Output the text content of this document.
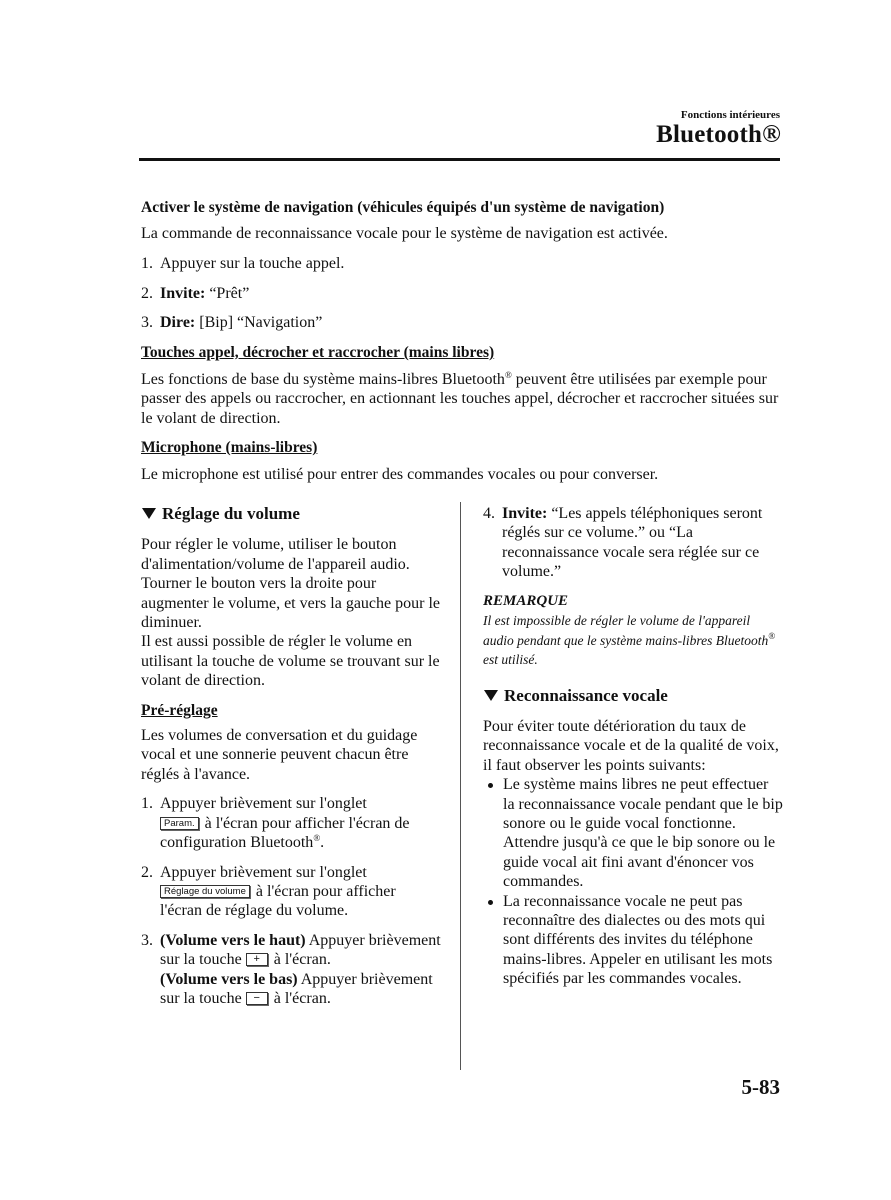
Fonctions intérieures
Bluetooth®

Activer le système de navigation (véhicules équipés d'un système de navigation)

La commande de reconnaissance vocale pour le système de navigation est activée.

1. Appuyer sur la touche appel.

2. Invite: “Prêt”

3. Dire: [Bip] “Navigation”

Touches appel, décrocher et raccrocher (mains libres)

Les fonctions de base du système mains-libres Bluetooth® peuvent être utilisées par exemple pour passer des appels ou raccrocher, en actionnant les touches appel, décrocher et raccrocher situées sur le volant de direction.

Microphone (mains-libres)

Le microphone est utilisé pour entrer des commandes vocales ou pour converser.

Réglage du volume

Pour régler le volume, utiliser le bouton d'alimentation/volume de l'appareil audio. Tourner le bouton vers la droite pour augmenter le volume, et vers la gauche pour le diminuer.

Il est aussi possible de régler le volume en utilisant la touche de volume se trouvant sur le volant de direction.

Pré-réglage

Les volumes de conversation et du guidage vocal et une sonnerie peuvent chacun être réglés à l'avance.

1. Appuyer brièvement sur l'onglet
Param. à l'écran pour afficher l'écran de configuration Bluetooth®.

2. Appuyer brièvement sur l'onglet
Réglage du volume à l'écran pour afficher l'écran de réglage du volume.

3. (Volume vers le haut) Appuyer brièvement sur la touche + à l'écran.
(Volume vers le bas) Appuyer brièvement sur la touche − à l'écran.

4. Invite: “Les appels téléphoniques seront réglés sur ce volume.” ou “La reconnaissance vocale sera réglée sur ce volume.”

REMARQUE

Il est impossible de régler le volume de l'appareil audio pendant que le système mains-libres Bluetooth® est utilisé.

Reconnaissance vocale

Pour éviter toute détérioration du taux de reconnaissance vocale et de la qualité de voix, il faut observer les points suivants:

Le système mains libres ne peut effectuer la reconnaissance vocale pendant que le bip sonore ou le guide vocal fonctionne. Attendre jusqu'à ce que le bip sonore ou le guide vocal ait fini avant d'énoncer vos commandes.

La reconnaissance vocale ne peut pas reconnaître des dialectes ou des mots qui sont différents des invites du téléphone mains-libres. Appeler en utilisant les mots spécifiés par les commandes vocales.

5-83
